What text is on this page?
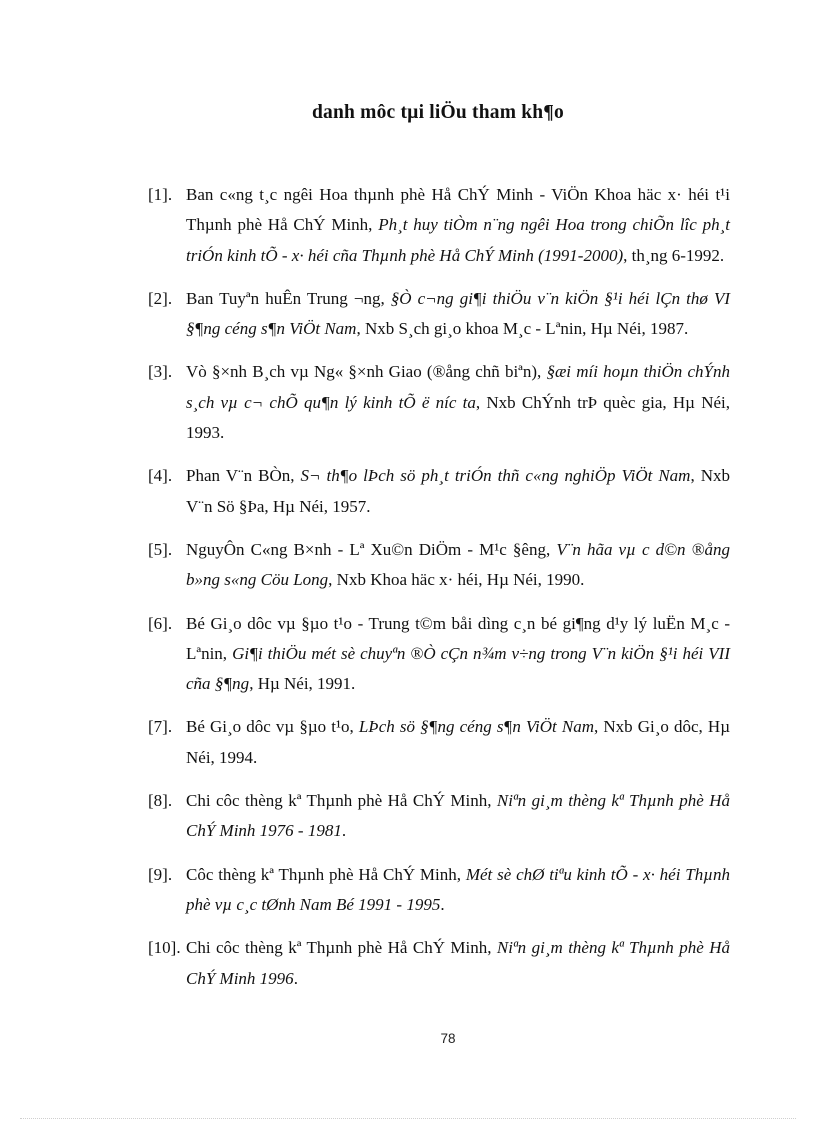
danh môc tµi liÖu tham kh¶o
[1]. Ban c«ng t¸c ngêi Hoa thµnh phè Hå ChÝ Minh - ViÖn Khoa häc x· héi t¹i Thµnh phè Hå ChÝ Minh, Ph¸t huy tiÒm n¨ng ngêi Hoa trong chiÕn lîc ph¸t triÓn kinh tÕ - x· héi cña Thµnh phè Hå ChÝ Minh (1991-2000), th¸ng 6-1992.
[2]. Ban Tuyªn huÊn Trung ¬ng, §Ò c¬ng gi¶i thiÖu v¨n kiÖn §¹i héi lÇn thø VI §¶ng céng s¶n ViÖt Nam, Nxb S¸ch gi¸o khoa M¸c - Lªnin, Hµ Néi, 1987.
[3]. Vò §×nh B¸ch vµ Ng« §×nh Giao (®ång chñ biªn), §æi míi hoµn thiÖn chÝnh s¸ch vµ c¬ chÕ qu¶n lý kinh tÕ ë níc ta, Nxb ChÝnh trÞ quèc gia, Hµ Néi, 1993.
[4]. Phan V¨n BÒn, S¬ th¶o lÞch sö ph¸t triÓn thñ c«ng nghiÖp ViÖt Nam, Nxb V¨n Sö §Þa, Hµ Néi, 1957.
[5]. NguyÔn C«ng B×nh - Lª Xu©n DiÖm - M¹c §êng, V¨n hãa vµ c d©n ®ång b»ng s«ng Cöu Long, Nxb Khoa häc x· héi, Hµ Néi, 1990.
[6]. Bé Gi¸o dôc vµ §µo t¹o - Trung t©m båi dìng c¸n bé gi¶ng d¹y lý luËn M¸c - Lªnin, Gi¶i thiÖu mét sè chuyªn ®Ò cÇn n¾m v÷ng trong V¨n kiÖn §¹i héi VII cña §¶ng, Hµ Néi, 1991.
[7]. Bé Gi¸o dôc vµ §µo t¹o, LÞch sö §¶ng céng s¶n ViÖt Nam, Nxb Gi¸o dôc, Hµ Néi, 1994.
[8]. Chi côc thèng kª Thµnh phè Hå ChÝ Minh, Niªn gi¸m thèng kª Thµnh phè Hå ChÝ Minh 1976 - 1981.
[9]. Côc thèng kª Thµnh phè Hå ChÝ Minh, Mét sè chØ tiªu kinh tÕ - x· héi Thµnh phè vµ c¸c tØnh Nam Bé 1991 - 1995.
[10]. Chi côc thèng kª Thµnh phè Hå ChÝ Minh, Niªn gi¸m thèng kª Thµnh phè Hå ChÝ Minh 1996.
78
